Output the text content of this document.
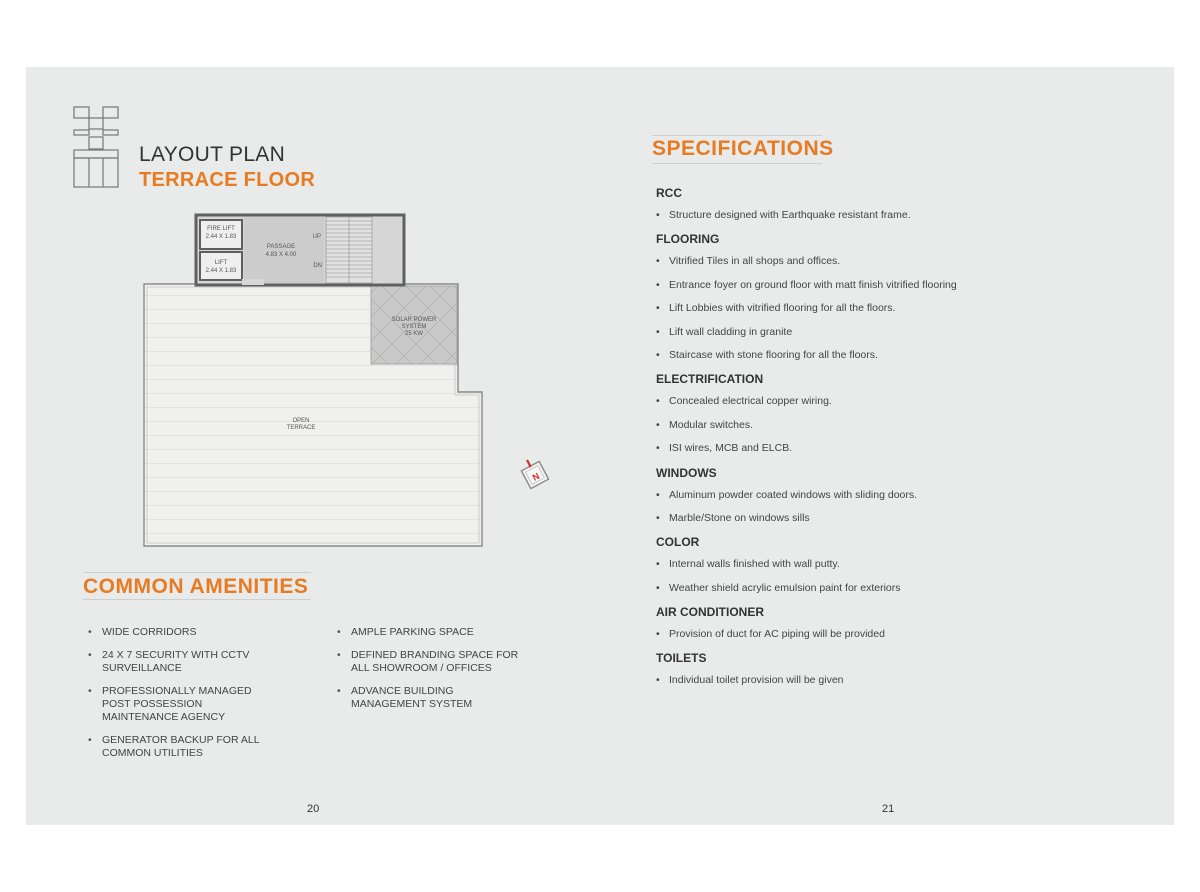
LAYOUT PLAN
TERRACE FLOOR
FIRE LIFT
2.44 X 1.83
LIFT
2.44 X 1.83
PASSAGE
4.83 X 4.00
UP
DN
SOLAR POWER
SYSTEM
25 KW
OPEN
TERRACE
N
COMMON AMENITIES
• WIDE CORRIDORS
• 24 X 7 SECURITY WITH CCTV SURVEILLANCE
• PROFESSIONALLY MANAGED POST POSSESSION MAINTENANCE AGENCY
• GENERATOR BACKUP FOR ALL COMMON UTILITIES
• AMPLE PARKING SPACE
• DEFINED BRANDING SPACE FOR ALL SHOWROOM / OFFICES
• ADVANCE BUILDING MANAGEMENT SYSTEM
20	21
SPECIFICATIONS
RCC
• Structure designed with Earthquake resistant frame.
FLOORING
• Vitrified Tiles in all shops and offices.
• Entrance foyer on ground floor with matt finish vitrified flooring
• Lift Lobbies with vitrified flooring for all the floors.
• Lift wall cladding in granite
• Staircase with stone flooring for all the floors.
ELECTRIFICATION
• Concealed electrical copper wiring.
• Modular switches.
• ISI wires, MCB and ELCB.
WINDOWS
• Aluminum powder coated windows with sliding doors.
• Marble/Stone on windows sills
COLOR
• Internal walls finished with wall putty.
• Weather shield acrylic emulsion paint for exteriors
AIR CONDITIONER
• Provision of duct for AC piping will be provided
TOILETS
• Individual toilet provision will be given
